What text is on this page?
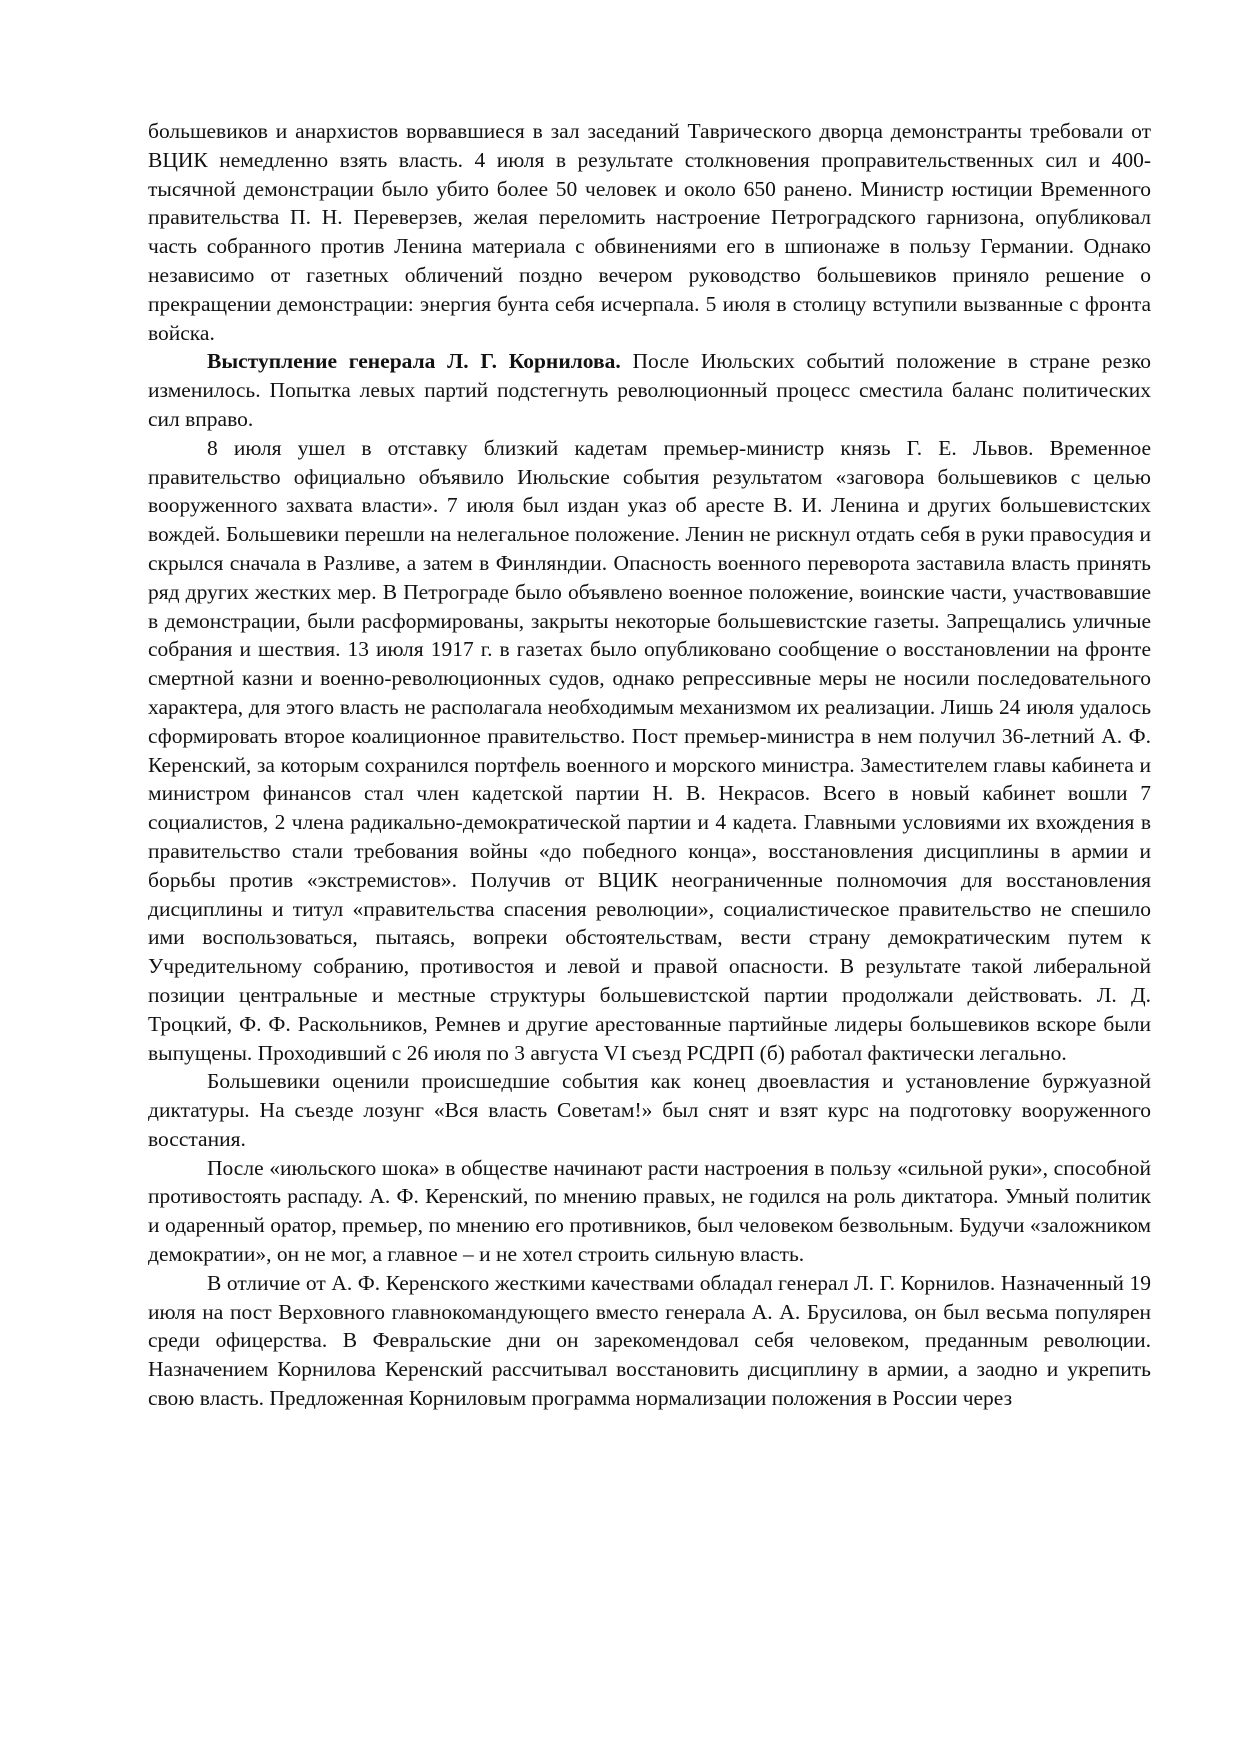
большевиков и анархистов ворвавшиеся в зал заседаний Таврического дворца демонстранты требовали от ВЦИК немедленно взять власть. 4 июля в результате столкновения проправительственных сил и 400-тысячной демонстрации было убито более 50 человек и около 650 ранено. Министр юстиции Временного правительства П. Н. Переверзев, желая переломить настроение Петроградского гарнизона, опубликовал часть собранного против Ленина материала с обвинениями его в шпионаже в пользу Германии. Однако независимо от газетных обличений поздно вечером руководство большевиков приняло решение о прекращении демонстрации: энергия бунта себя исчерпала. 5 июля в столицу вступили вызванные с фронта войска.

Выступление генерала Л. Г. Корнилова. После Июльских событий положение в стране резко изменилось. Попытка левых партий подстегнуть революционный процесс сместила баланс политических сил вправо.

8 июля ушел в отставку близкий кадетам премьер-министр князь Г. Е. Львов. Временное правительство официально объявило Июльские события результатом «заговора большевиков с целью вооруженного захвата власти». 7 июля был издан указ об аресте В. И. Ленина и других большевистских вождей. Большевики перешли на нелегальное положение. Ленин не рискнул отдать себя в руки правосудия и скрылся сначала в Разливе, а затем в Финляндии. Опасность военного переворота заставила власть принять ряд других жестких мер. В Петрограде было объявлено военное положение, воинские части, участвовавшие в демонстрации, были расформированы, закрыты некоторые большевистские газеты. Запрещались уличные собрания и шествия. 13 июля 1917 г. в газетах было опубликовано сообщение о восстановлении на фронте смертной казни и военно-революционных судов, однако репрессивные меры не носили последовательного характера, для этого власть не располагала необходимым механизмом их реализации. Лишь 24 июля удалось сформировать второе коалиционное правительство. Пост премьер-министра в нем получил 36-летний А. Ф. Керенский, за которым сохранился портфель военного и морского министра. Заместителем главы кабинета и министром финансов стал член кадетской партии Н. В. Некрасов. Всего в новый кабинет вошли 7 социалистов, 2 члена радикально-демократической партии и 4 кадета. Главными условиями их вхождения в правительство стали требования войны «до победного конца», восстановления дисциплины в армии и борьбы против «экстремистов». Получив от ВЦИК неограниченные полномочия для восстановления дисциплины и титул «правительства спасения революции», социалистическое правительство не спешило ими воспользоваться, пытаясь, вопреки обстоятельствам, вести страну демократическим путем к Учредительному собранию, противостоя и левой и правой опасности. В результате такой либеральной позиции центральные и местные структуры большевистской партии продолжали действовать. Л. Д. Троцкий, Ф. Ф. Раскольников, Ремнев и другие арестованные партийные лидеры большевиков вскоре были выпущены. Проходивший с 26 июля по 3 августа VI съезд РСДРП (б) работал фактически легально.

Большевики оценили происшедшие события как конец двоевластия и установление буржуазной диктатуры. На съезде лозунг «Вся власть Советам!» был снят и взят курс на подготовку вооруженного восстания.

После «июльского шока» в обществе начинают расти настроения в пользу «сильной руки», способной противостоять распаду. А. Ф. Керенский, по мнению правых, не годился на роль диктатора. Умный политик и одаренный оратор, премьер, по мнению его противников, был человеком безвольным. Будучи «заложником демократии», он не мог, а главное – и не хотел строить сильную власть.

В отличие от А. Ф. Керенского жесткими качествами обладал генерал Л. Г. Корнилов. Назначенный 19 июля на пост Верховного главнокомандующего вместо генерала А. А. Брусилова, он был весьма популярен среди офицерства. В Февральские дни он зарекомендовал себя человеком, преданным революции. Назначением Корнилова Керенский рассчитывал восстановить дисциплину в армии, а заодно и укрепить свою власть. Предложенная Корниловым программа нормализации положения в России через
